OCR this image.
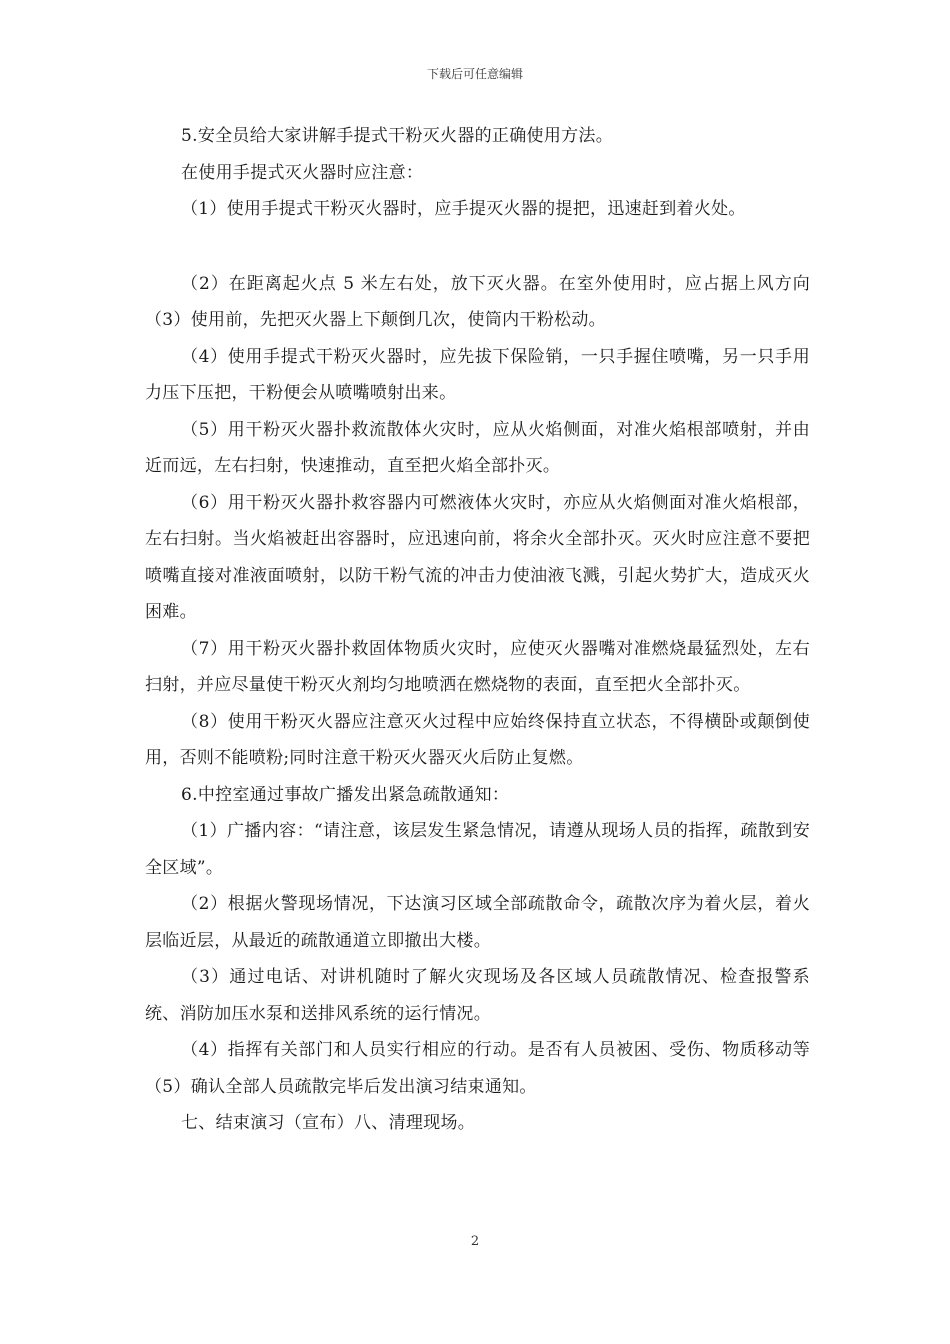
下载后可任意编辑

5.安全员给大家讲解手提式干粉灭火器的正确使用方法。

在使用手提式灭火器时应注意：

（1）使用手提式干粉灭火器时，应手提灭火器的提把，迅速赶到着火处。

（2）在距离起火点 5 米左右处，放下灭火器。在室外使用时，应占据上风方向（3）使用前，先把灭火器上下颠倒几次，使筒内干粉松动。

（4）使用手提式干粉灭火器时，应先拔下保险销，一只手握住喷嘴，另一只手用力压下压把，干粉便会从喷嘴喷射出来。

（5）用干粉灭火器扑救流散体火灾时，应从火焰侧面，对准火焰根部喷射，并由近而远，左右扫射，快速推动，直至把火焰全部扑灭。

（6）用干粉灭火器扑救容器内可燃液体火灾时，亦应从火焰侧面对准火焰根部，左右扫射。当火焰被赶出容器时，应迅速向前，将余火全部扑灭。灭火时应注意不要把喷嘴直接对准液面喷射，以防干粉气流的冲击力使油液飞溅，引起火势扩大，造成灭火困难。

（7）用干粉灭火器扑救固体物质火灾时，应使灭火器嘴对准燃烧最猛烈处，左右扫射，并应尽量使干粉灭火剂均匀地喷洒在燃烧物的表面，直至把火全部扑灭。

（8）使用干粉灭火器应注意灭火过程中应始终保持直立状态，不得横卧或颠倒使用，否则不能喷粉;同时注意干粉灭火器灭火后防止复燃。

6.中控室通过事故广播发出紧急疏散通知：

（1）广播内容：“请注意，该层发生紧急情况，请遵从现场人员的指挥，疏散到安全区域”。

（2）根据火警现场情况，下达演习区域全部疏散命令，疏散次序为着火层，着火层临近层，从最近的疏散通道立即撤出大楼。

（3）通过电话、对讲机随时了解火灾现场及各区域人员疏散情况、检查报警系统、消防加压水泵和送排风系统的运行情况。

（4）指挥有关部门和人员实行相应的行动。是否有人员被困、受伤、物质移动等（5）确认全部人员疏散完毕后发出演习结束通知。

七、结束演习（宣布）八、清理现场。

2
